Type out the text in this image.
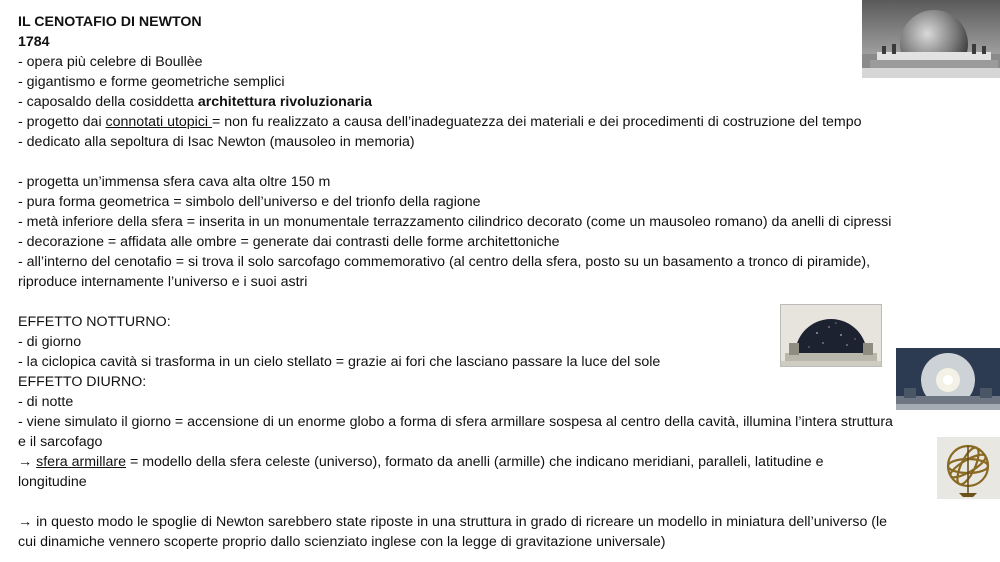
IL CENOTAFIO DI NEWTON
1784
- opera più celebre di Boullèe
- gigantismo e forme geometriche semplici
- caposaldo della cosiddetta architettura rivoluzionaria
- progetto dai connotati utopici = non fu realizzato a causa dell’inadeguatezza dei materiali e dei procedimenti di costruzione del tempo
- dedicato alla sepoltura di Isac Newton (mausoleo in memoria)
- progetta un’immensa sfera cava alta oltre 150 m
- pura forma geometrica = simbolo dell’universo e del trionfo della ragione
- metà inferiore della sfera = inserita in un monumentale terrazzamento cilindrico decorato (come un mausoleo romano) da anelli di cipressi
- decorazione = affidata alle ombre = generate dai contrasti delle forme architettoniche
- all’interno del cenotafio = si trova il solo sarcofago commemorativo (al centro della sfera, posto su un basamento a tronco di piramide),
riproduce internamente l’universo e i suoi astri
EFFETTO NOTTURNO:
- di giorno
- la ciclopica cavità si trasforma in un cielo stellato = grazie ai fori che lasciano passare la luce del sole
EFFETTO DIURNO:
- di notte
- viene simulato il giorno = accensione di un enorme globo a forma di sfera armillare sospesa al centro della cavità, illumina l’intera struttura
e il sarcofago
→ sfera armillare = modello della sfera celeste (universo), formato da anelli (armille) che indicano meridiani, paralleli, latitudine e
longitudine
→ in questo modo le spoglie di Newton sarebbero state riposte in una struttura in grado di ricreare un modello in miniatura dell’universo (le
cui dinamiche vennero scoperte proprio dallo scienziato inglese con la legge di gravitazione universale)
